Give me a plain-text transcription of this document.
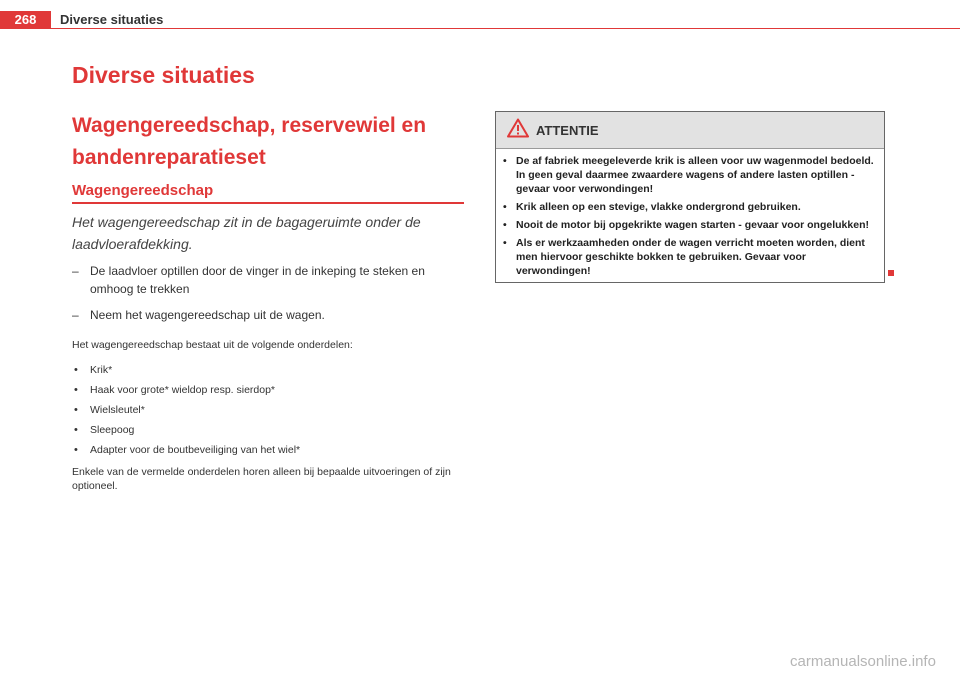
268	Diverse situaties
Diverse situaties
Wagengereedschap, reservewiel en bandenreparatieset
Wagengereedschap
Het wagengereedschap zit in de bagageruimte onder de laadvloerafdekking.
– De laadvloer optillen door de vinger in de inkeping te steken en omhoog te trekken
– Neem het wagengereedschap uit de wagen.
Het wagengereedschap bestaat uit de volgende onderdelen:
•	Krik*
•	Haak voor grote* wieldop resp. sierdop*
•	Wielsleutel*
•	Sleepoog
•	Adapter voor de boutbeveiliging van het wiel*
Enkele van de vermelde onderdelen horen alleen bij bepaalde uitvoeringen of zijn optioneel.
ATTENTIE
• De af fabriek meegeleverde krik is alleen voor uw wagenmodel bedoeld. In geen geval daarmee zwaardere wagens of andere lasten optillen - gevaar voor verwondingen!
• Krik alleen op een stevige, vlakke ondergrond gebruiken.
• Nooit de motor bij opgekrikte wagen starten - gevaar voor ongelukken!
• Als er werkzaamheden onder de wagen verricht moeten worden, dient men hiervoor geschikte bokken te gebruiken. Gevaar voor verwondingen!
carmanualsonline.info
